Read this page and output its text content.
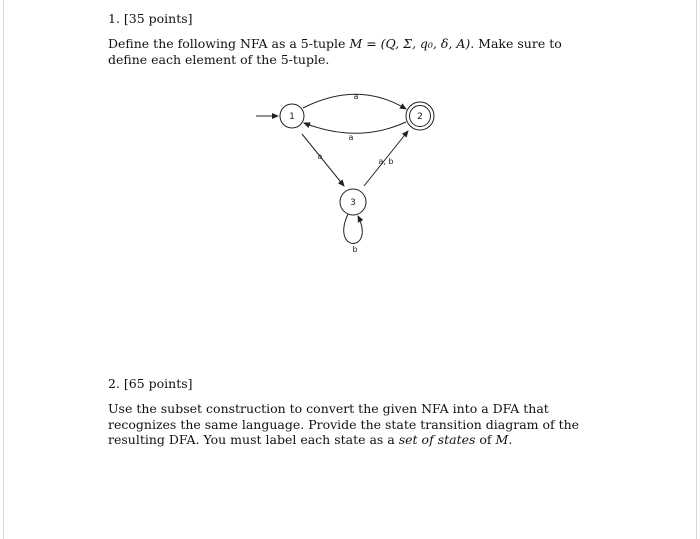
1. [35 points]
Define the following NFA as a 5-tuple M = (Q, Σ, q₀, δ, A). Make sure to define each element of the 5-tuple.
a
a
a
a, b
b
1	2
3
2. [65 points]
Use the subset construction to convert the given NFA into a DFA that recognizes the same language. Provide the state transition diagram of the resulting DFA. You must label each state as a set of states of M.
